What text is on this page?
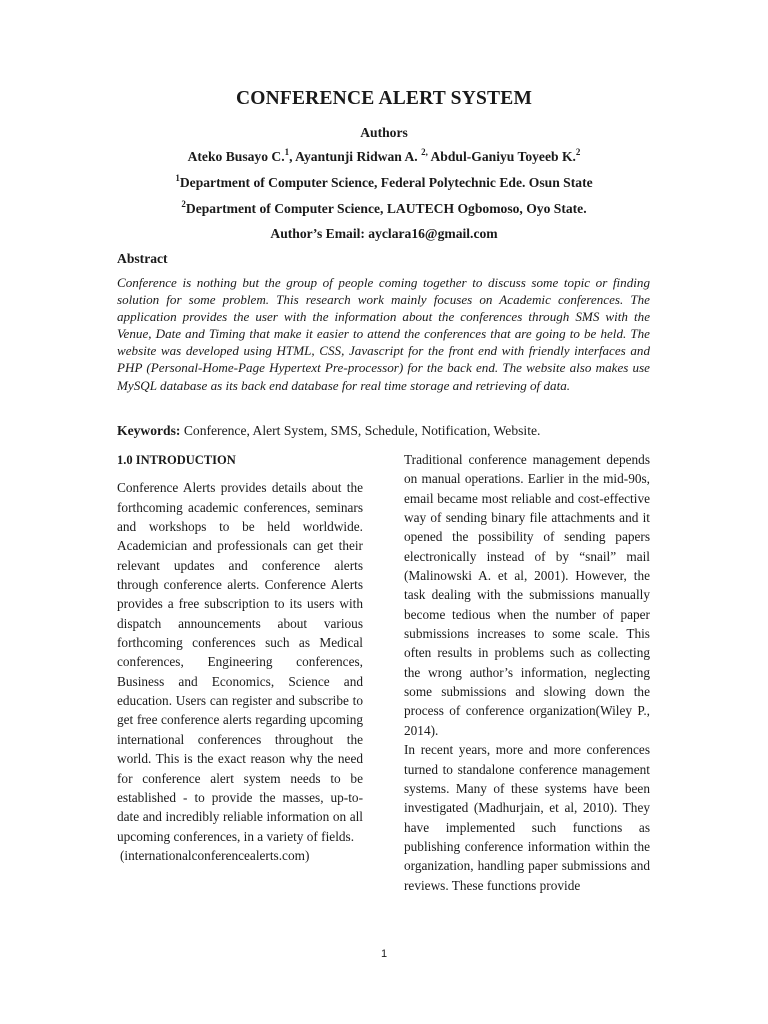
CONFERENCE ALERT SYSTEM
Authors
Ateko Busayo C.$^1$, Ayantunji Ridwan A. $^{2,}$ Abdul-Ganiyu Toyeeb K.$^2$
$^1$Department of Computer Science, Federal Polytechnic Ede. Osun State
$^2$Department of Computer Science, LAUTECH Ogbomoso, Oyo State.
Author’s Email: ayclara16@gmail.com
Abstract
Conference is nothing but the group of people coming together to discuss some topic or finding solution for some problem. This research work mainly focuses on Academic conferences. The application provides the user with the information about the conferences through SMS with the Venue, Date and Timing that make it easier to attend the conferences that are going to be held. The website was developed using HTML, CSS, Javascript for the front end with friendly interfaces and PHP (Personal-Home-Page Hypertext Pre-processor) for the back end. The website also makes use MySQL database as its back end database for real time storage and retrieving of data.
Keywords: Conference, Alert System, SMS, Schedule, Notification, Website.
1.0 INTRODUCTION

Conference Alerts provides details about the forthcoming academic conferences, seminars and workshops to be held worldwide. Academician and professionals can get their relevant updates and conference alerts through conference alerts. Conference Alerts provides a free subscription to its users with dispatch announcements about various forthcoming conferences such as Medical conferences, Engineering conferences, Business and Economics, Science and education. Users can register and subscribe to get free conference alerts regarding upcoming international conferences throughout the world. This is the exact reason why the need for conference alert system needs to be established - to provide the masses, up-to-date and incredibly reliable information on all upcoming conferences, in a variety of fields.

(internationalconferencealerts.com)

Traditional conference management depends on manual operations. Earlier in the mid-90s, email became most reliable and cost-effective way of sending binary file attachments and it opened the possibility of sending papers electronically instead of by “snail” mail (Malinowski A. et al, 2001). However, the task dealing with the submissions manually become tedious when the number of paper submissions increases to some scale. This often results in problems such as collecting the wrong author’s information, neglecting some submissions and slowing down the process of conference organization(Wiley P., 2014).

In recent years, more and more conferences turned to standalone conference management systems. Many of these systems have been investigated (Madhurjain, et al, 2010). They have implemented such functions as publishing conference information within the organization, handling paper submissions and reviews. These functions provide

1
